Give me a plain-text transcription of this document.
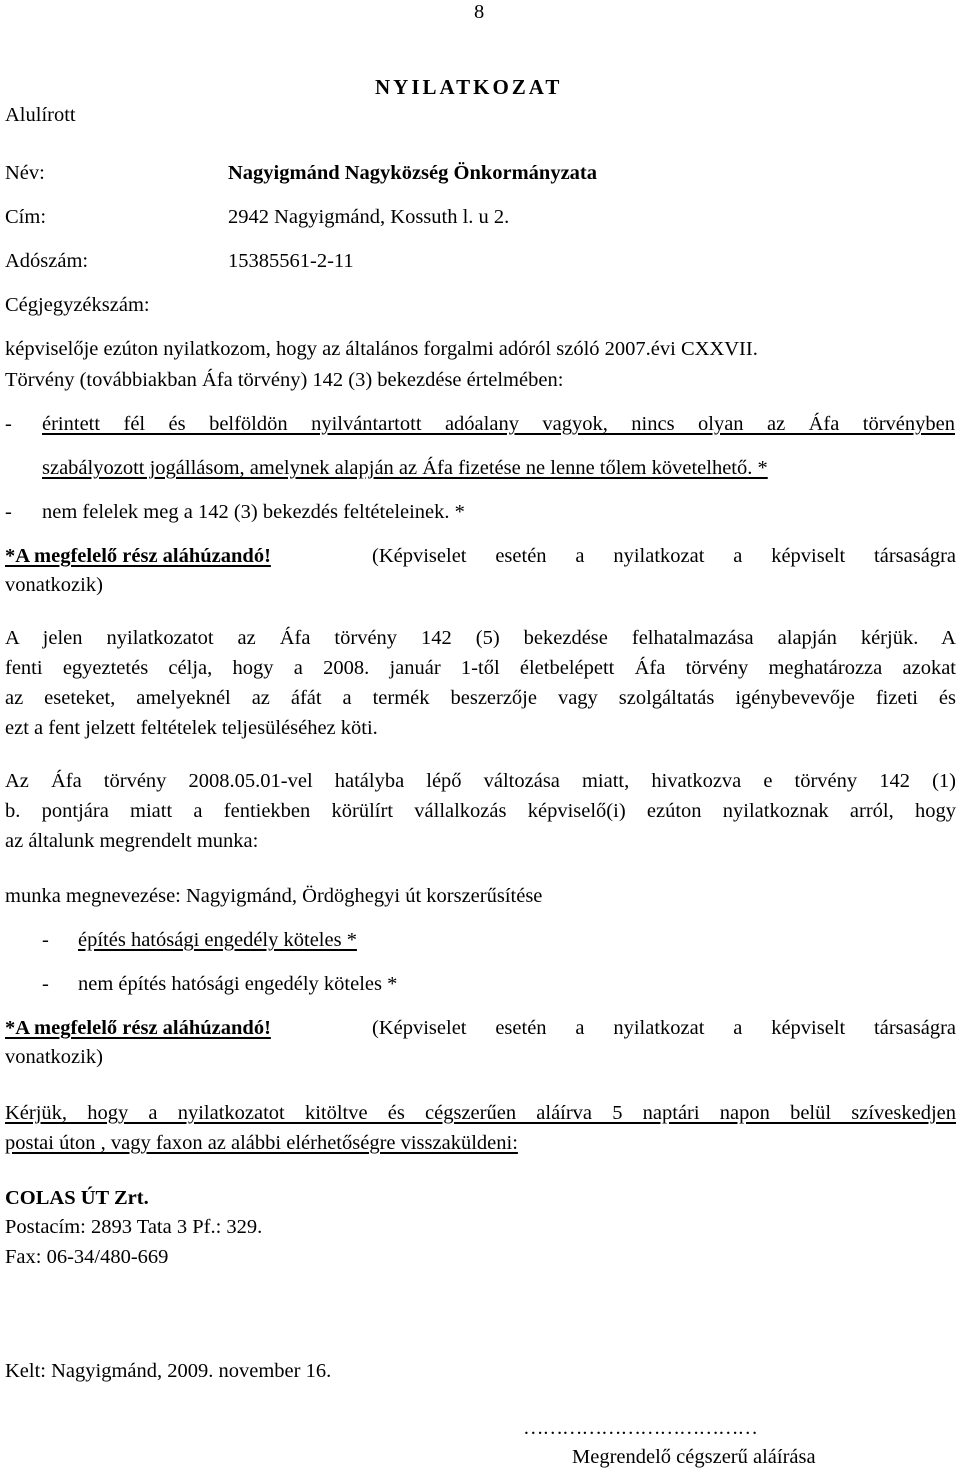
8
NYILATKOZAT
Alulírott
Név:	Nagyigmánd Nagyközség Önkormányzata
Cím:	2942 Nagyigmánd, Kossuth l. u 2.
Adószám:	15385561-2-11
Cégjegyzékszám:
képviselője ezúton nyilatkozom, hogy az általános forgalmi adóról szóló 2007.évi CXXVII.
Törvény (továbbiakban Áfa törvény) 142 (3) bekezdése értelmében:
- érintett fél és belföldön nyilvántartott adóalany vagyok, nincs olyan az Áfa törvényben
szabályozott jogállásom, amelynek alapján az Áfa fizetése ne lenne tőlem követelhető. *
- nem felelek meg a 142 (3) bekezdés feltételeinek. *
*A megfelelő rész aláhúzandó!	(Képviselet esetén a nyilatkozat a képviselt társaságra
vonatkozik)
A jelen nyilatkozatot az Áfa törvény 142 (5) bekezdése felhatalmazása alapján kérjük. A
fenti egyeztetés célja, hogy a 2008. január 1-től életbelépett Áfa törvény meghatározza azokat
az eseteket, amelyeknél az áfát a termék beszerzője vagy szolgáltatás igénybevevője fizeti és
ezt a fent jelzett feltételek teljesüléséhez köti.
Az Áfa törvény 2008.05.01-vel hatályba lépő változása miatt, hivatkozva e törvény 142 (1)
b. pontjára miatt a fentiekben körülírt vállalkozás képviselő(i) ezúton nyilatkoznak arról, hogy
az általunk megrendelt munka:
munka megnevezése: Nagyigmánd, Ördöghegyi út korszerűsítése
- építés hatósági engedély köteles *
- nem építés hatósági engedély köteles *
*A megfelelő rész aláhúzandó!	(Képviselet esetén a nyilatkozat a képviselt társaságra
vonatkozik)
Kérjük, hogy a nyilatkozatot kitöltve és cégszerűen aláírva 5 naptári napon belül szíveskedjen
postai úton , vagy faxon az alábbi elérhetőségre visszaküldeni:
COLAS ÚT Zrt.
Postacím: 2893 Tata 3 Pf.: 329.
Fax: 06-34/480-669
Kelt: Nagyigmánd, 2009. november 16.
………………………………
Megrendelő cégszerű aláírása
